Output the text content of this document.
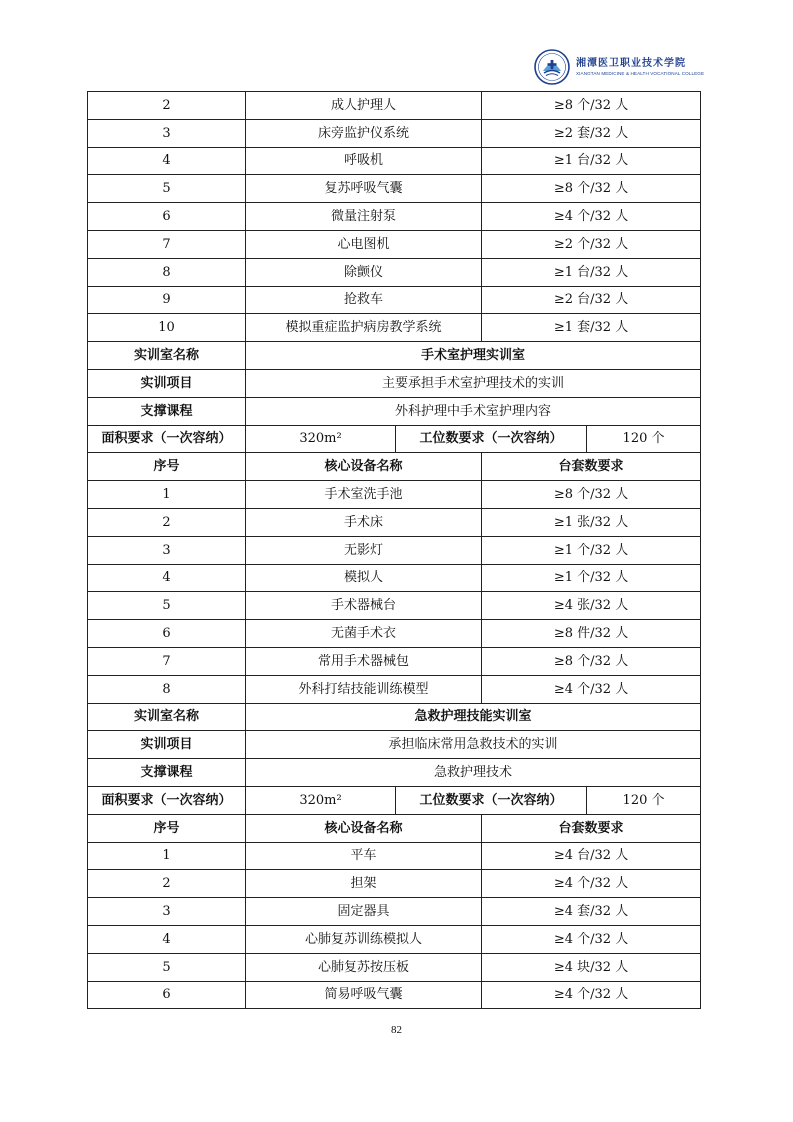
湘潭医卫职业技术学院
XIANGTAN MEDICINE & HEALTH VOCATIONAL COLLEGE
2	成人护理人		≥8 个/32 人	
3	床旁监护仪系统		≥2 套/32 人	
4	呼吸机		≥1 台/32 人	
5	复苏呼吸气囊		≥8 个/32 人	
6	微量注射泵		≥4 个/32 人	
7	心电图机		≥2 个/32 人	
8	除颤仪		≥1 台/32 人	
9	抢救车		≥2 台/32 人	
10	模拟重症监护病房教学系统		≥1 套/32 人	
实训室名称	手术室护理实训室			
实训项目	主要承担手术室护理技术的实训			
支撑课程	外科护理中手术室护理内容			
面积要求（一次容纳）	320m²	工位数要求（一次容纳）		120 个
序号	核心设备名称		台套数要求	
1	手术室洗手池		≥8 个/32 人	
2	手术床		≥1 张/32 人	
3	无影灯		≥1 个/32 人	
4	模拟人		≥1 个/32 人	
5	手术器械台		≥4 张/32 人	
6	无菌手术衣		≥8 件/32 人	
7	常用手术器械包		≥8 个/32 人	
8	外科打结技能训练模型		≥4 个/32 人	
实训室名称	急救护理技能实训室			
实训项目	承担临床常用急救技术的实训			
支撑课程	急救护理技术			
面积要求（一次容纳）	320m²	工位数要求（一次容纳）		120 个
序号	核心设备名称		台套数要求	
1	平车		≥4 台/32 人	
2	担架		≥4 个/32 人	
3	固定器具		≥4 套/32 人	
4	心肺复苏训练模拟人		≥4 个/32 人	
5	心肺复苏按压板		≥4 块/32 人	
6	简易呼吸气囊		≥4 个/32 人	
82
